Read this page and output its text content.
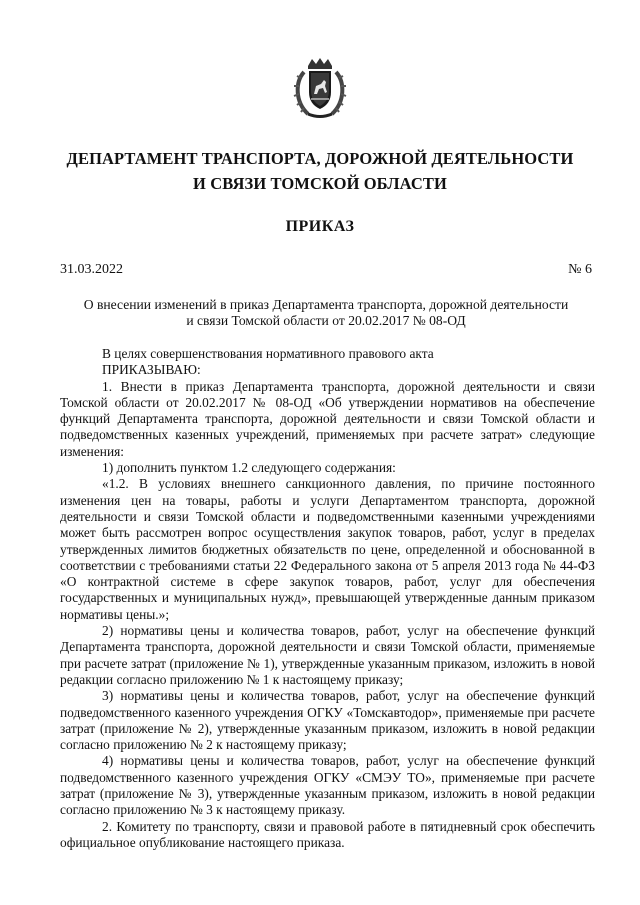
ДЕПАРТАМЕНТ ТРАНСПОРТА, ДОРОЖНОЙ ДЕЯТЕЛЬНОСТИ
И СВЯЗИ ТОМСКОЙ ОБЛАСТИ
ПРИКАЗ
31.03.2022	№ 6
О внесении изменений в приказ Департамента транспорта, дорожной деятельности
и связи Томской области от 20.02.2017 № 08-ОД

В целях совершенствования нормативного правового акта

ПРИКАЗЫВАЮ:

1. Внести в приказ Департамента транспорта, дорожной деятельности и связи Томской области от 20.02.2017 № 08-ОД «Об утверждении нормативов на обеспечение функций Департамента транспорта, дорожной деятельности и связи Томской области и подведомственных казенных учреждений, применяемых при расчете затрат» следующие изменения:

1) дополнить пунктом 1.2 следующего содержания:

«1.2. В условиях внешнего санкционного давления, по причине постоянного изменения цен на товары, работы и услуги Департаментом транспорта, дорожной деятельности и связи Томской области и подведомственными казенными учреждениями может быть рассмотрен вопрос осуществления закупок товаров, работ, услуг в пределах утвержденных лимитов бюджетных обязательств по цене, определенной и обоснованной в соответствии с требованиями статьи 22 Федерального закона от 5 апреля 2013 года № 44-ФЗ «О контрактной системе в сфере закупок товаров, работ, услуг для обеспечения государственных и муниципальных нужд», превышающей утвержденные данным приказом нормативы цены.»;

2) нормативы цены и количества товаров, работ, услуг на обеспечение функций Департамента транспорта, дорожной деятельности и связи Томской области, применяемые при расчете затрат (приложение № 1), утвержденные указанным приказом, изложить в новой редакции согласно приложению № 1 к настоящему приказу;

3) нормативы цены и количества товаров, работ, услуг на обеспечение функций подведомственного казенного учреждения ОГКУ «Томскавтодор», применяемые при расчете затрат (приложение № 2), утвержденные указанным приказом, изложить в новой редакции согласно приложению № 2 к настоящему приказу;

4) нормативы цены и количества товаров, работ, услуг на обеспечение функций подведомственного казенного учреждения ОГКУ «СМЭУ ТО», применяемые при расчете затрат (приложение № 3), утвержденные указанным приказом, изложить в новой редакции согласно приложению № 3 к настоящему приказу.

2. Комитету по транспорту, связи и правовой работе в пятидневный срок обеспечить официальное опубликование настоящего приказа.
